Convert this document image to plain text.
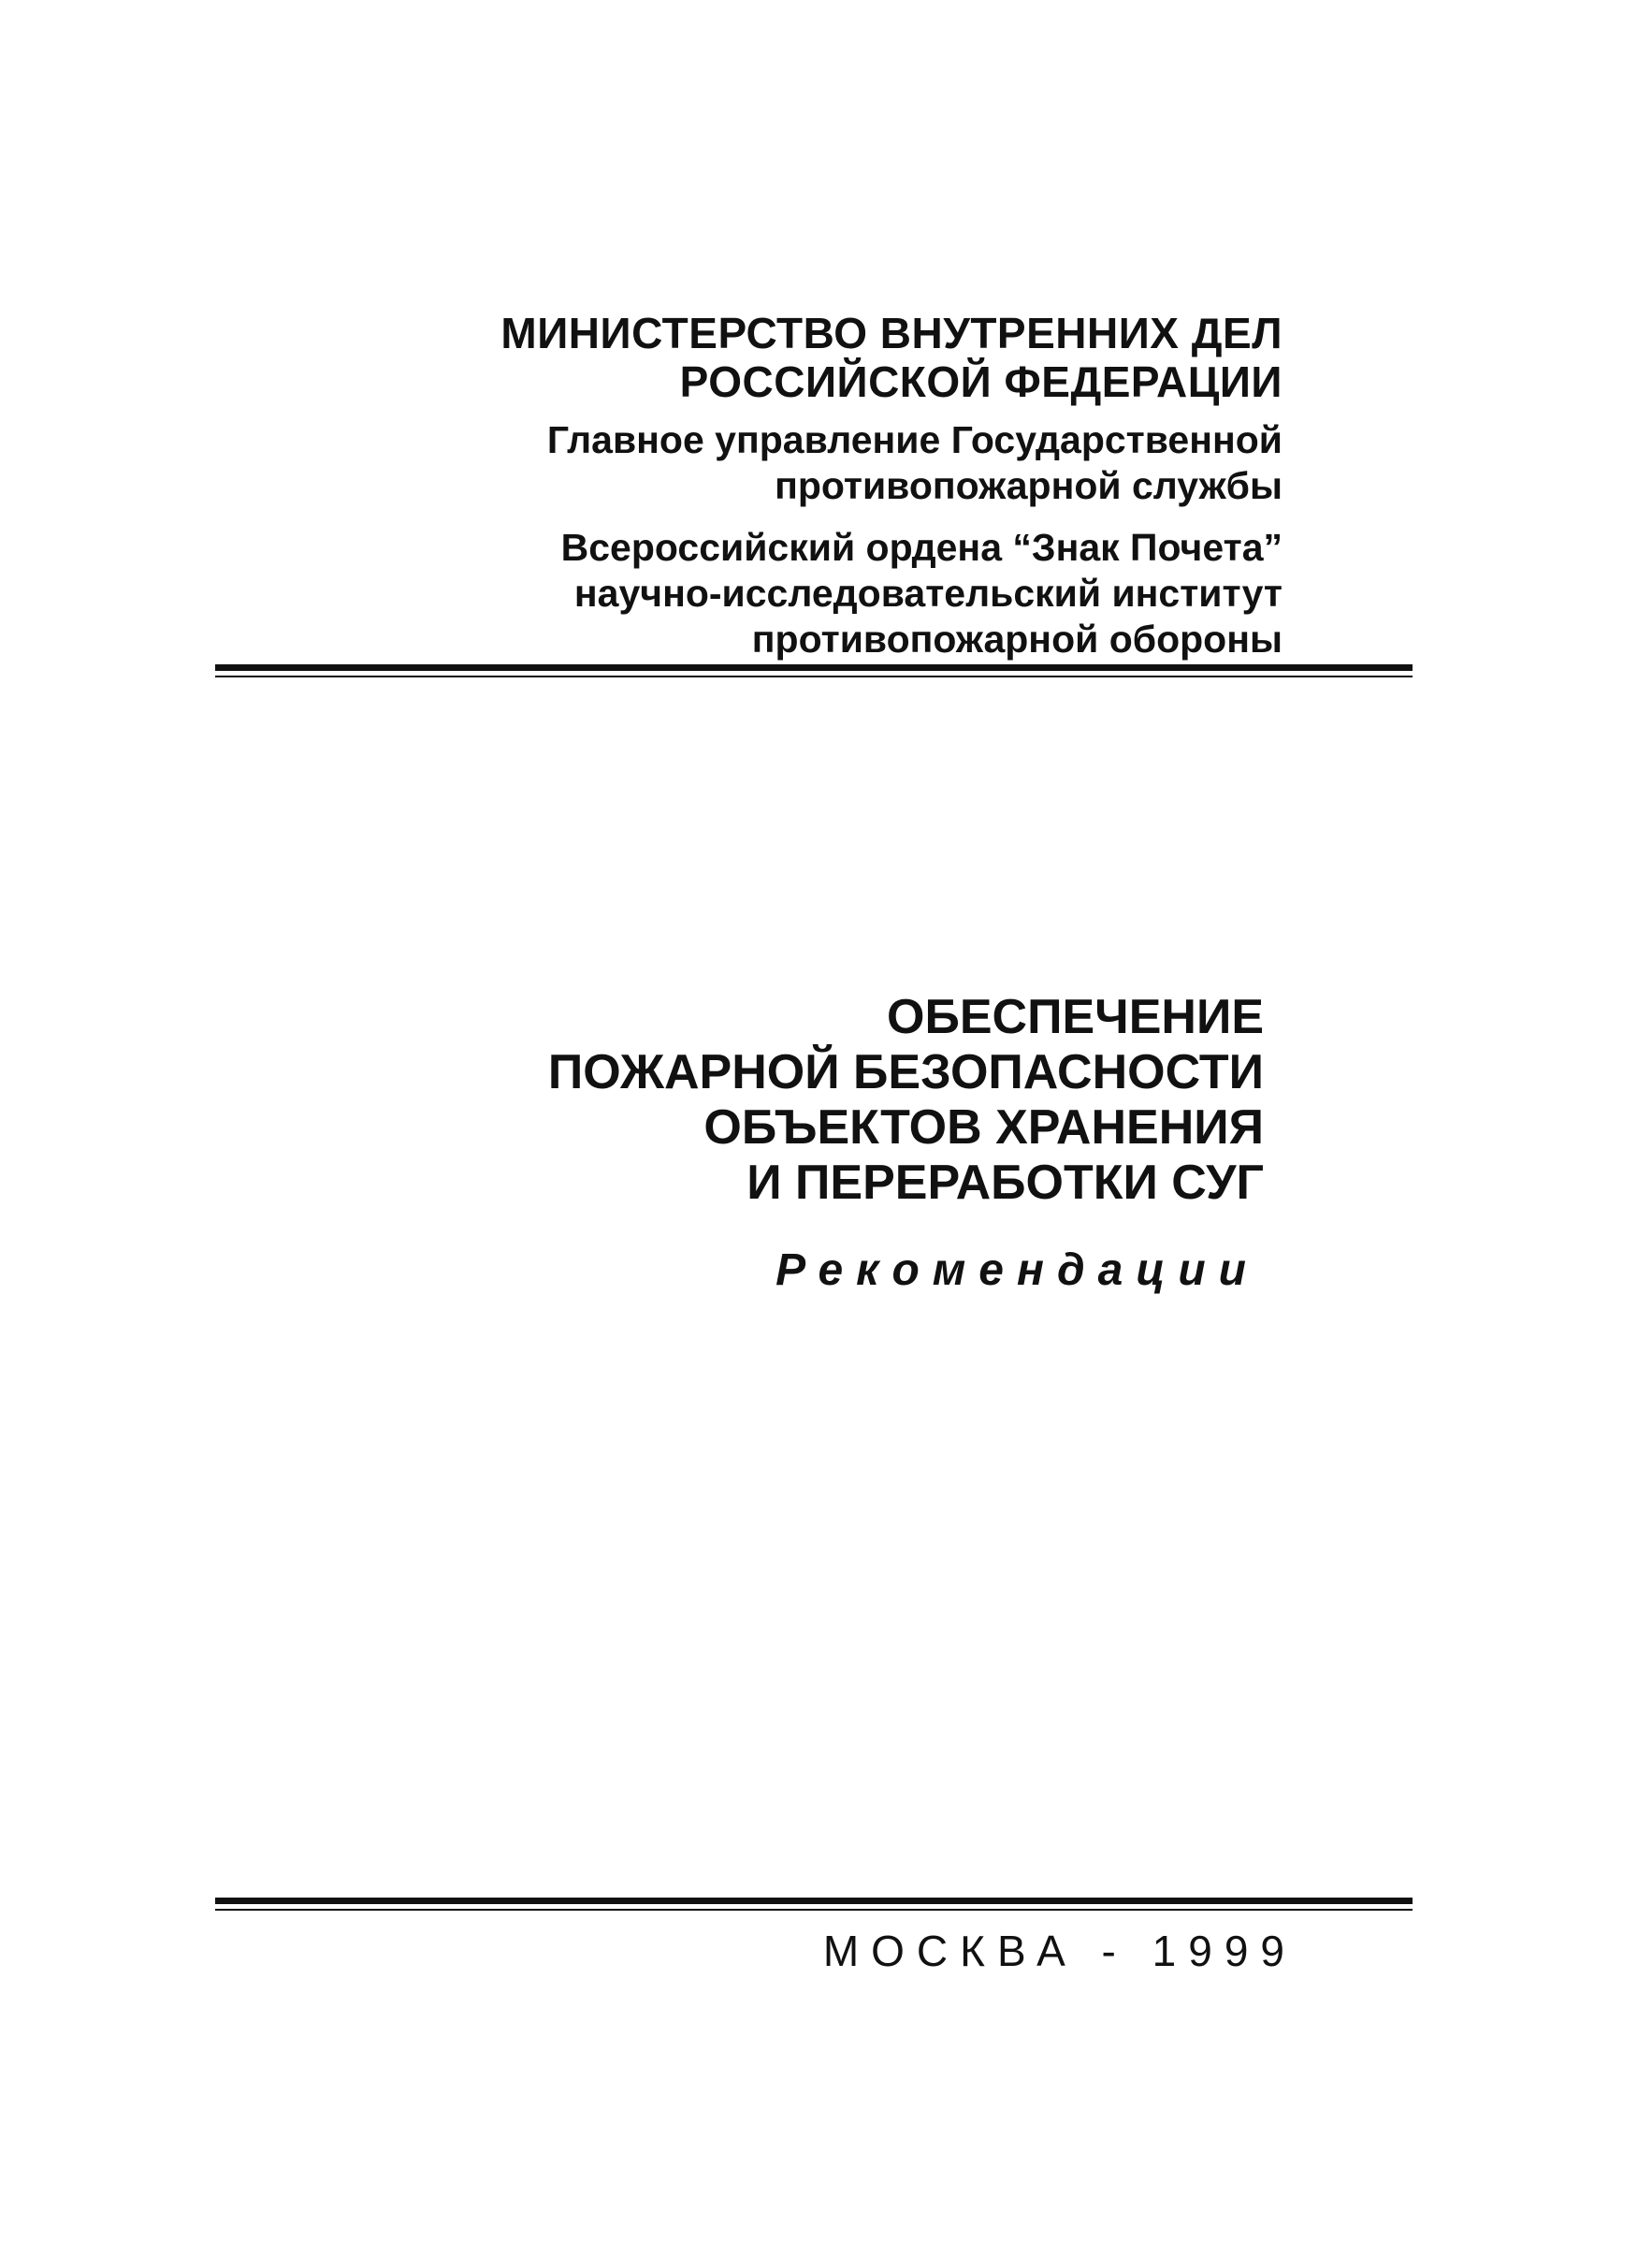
МИНИСТЕРСТВО ВНУТРЕННИХ ДЕЛ
РОССИЙСКОЙ ФЕДЕРАЦИИ
Главное управление Государственной
противопожарной службы
Всероссийский ордена “Знак Почета”
научно-исследовательский институт
противопожарной обороны
ОБЕСПЕЧЕНИЕ
ПОЖАРНОЙ БЕЗОПАСНОСТИ
ОБЪЕКТОВ ХРАНЕНИЯ
И ПЕРЕРАБОТКИ СУГ
Рекомендации
МОСКВА - 1999
